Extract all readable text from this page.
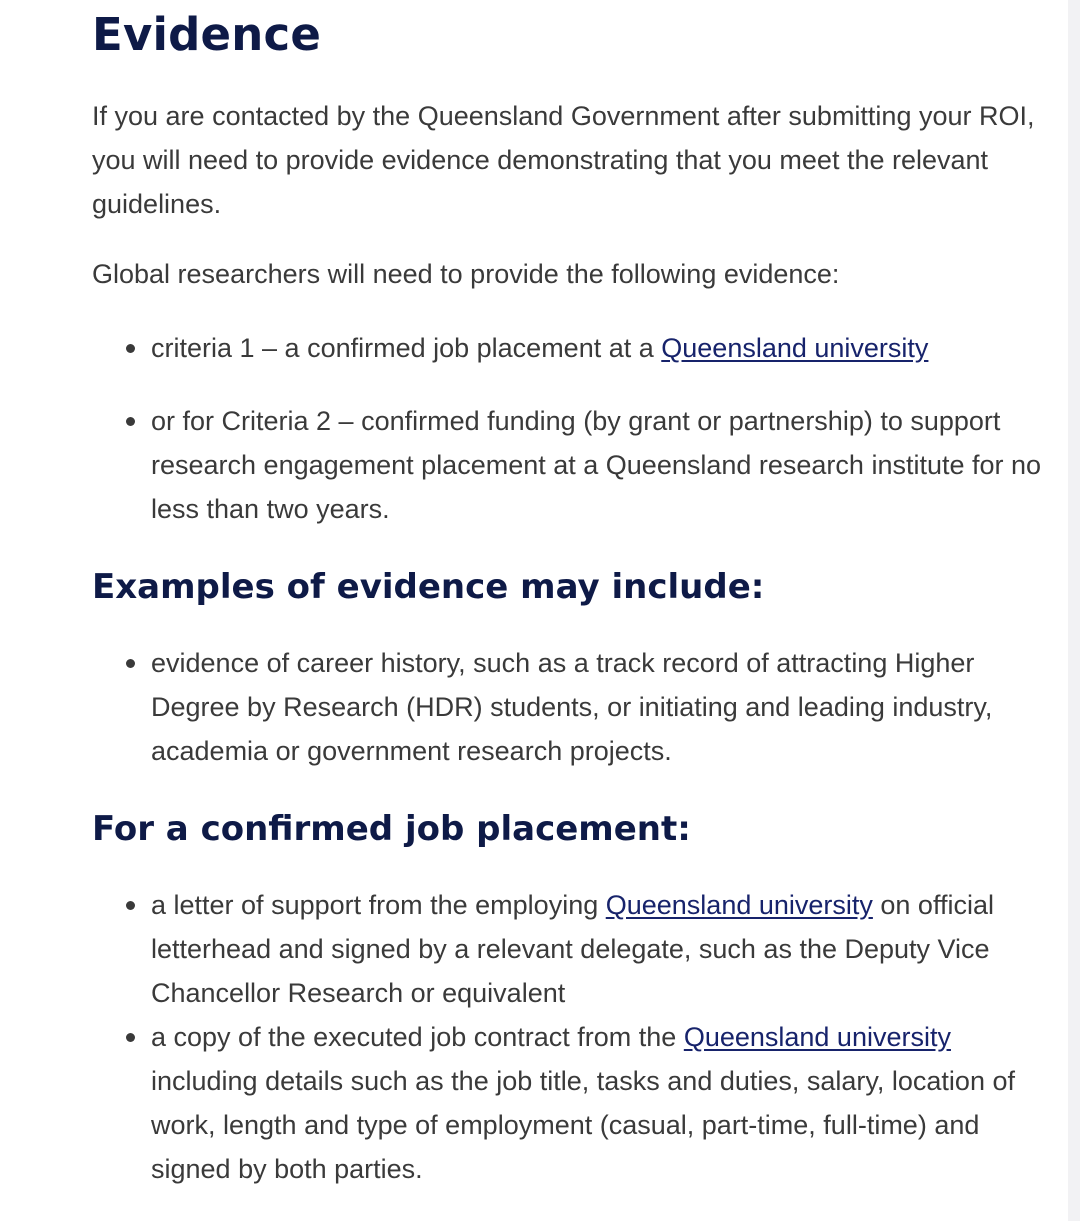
Evidence

If you are contacted by the Queensland Government after submitting your ROI, you will need to provide evidence demonstrating that you meet the relevant guidelines.

Global researchers will need to provide the following evidence:

criteria 1 – a confirmed job placement at a Queensland university
or for Criteria 2 – confirmed funding (by grant or partnership) to support research engagement placement at a Queensland research institute for no less than two years.
Examples of evidence may include:
evidence of career history, such as a track record of attracting Higher Degree by Research (HDR) students, or initiating and leading industry, academia or government research projects.
For a confirmed job placement:
a letter of support from the employing Queensland university on official letterhead and signed by a relevant delegate, such as the Deputy Vice Chancellor Research or equivalent
a copy of the executed job contract from the Queensland university including details such as the job title, tasks and duties, salary, location of work, length and type of employment (casual, part-time, full-time) and signed by both parties.
